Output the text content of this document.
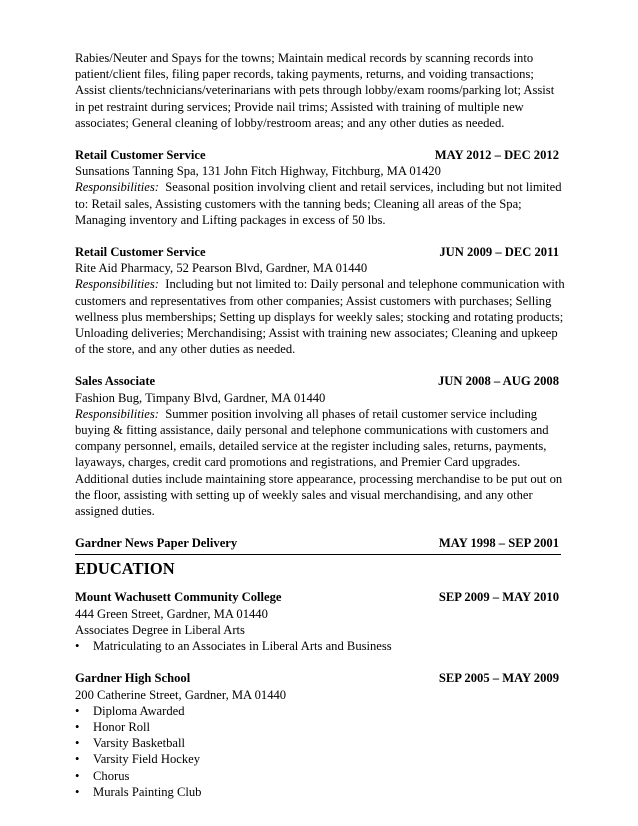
Rabies/Neuter and Spays for the towns; Maintain medical records by scanning records into

patient/client files, filing paper records, taking payments, returns, and voiding transactions;

Assist clients/technicians/veterinarians with pets through lobby/exam rooms/parking lot; Assist

in pet restraint during services; Provide nail trims; Assisted with training of multiple new

associates; General cleaning of lobby/restroom areas; and any other duties as needed.

Retail Customer Service	MAY 2012 – DEC 2012

Sunsations Tanning Spa, 131 John Fitch Highway, Fitchburg, MA 01420

Responsibilities:  Seasonal position involving client and retail services, including but not limited

to: Retail sales, Assisting customers with the tanning beds; Cleaning all areas of the Spa;

Managing inventory and Lifting packages in excess of 50 lbs.

Retail Customer Service	JUN 2009 – DEC 2011

Rite Aid Pharmacy, 52 Pearson Blvd, Gardner, MA 01440

Responsibilities:  Including but not limited to: Daily personal and telephone communication with

customers and representatives from other companies; Assist customers with purchases; Selling

wellness plus memberships; Setting up displays for weekly sales; stocking and rotating products;

Unloading deliveries; Merchandising; Assist with training new associates; Cleaning and upkeep

of the store, and any other duties as needed.

Sales Associate	JUN 2008 – AUG 2008

Fashion Bug, Timpany Blvd, Gardner, MA 01440

Responsibilities:  Summer position involving all phases of retail customer service including

buying & fitting assistance, daily personal and telephone communications with customers and

company personnel, emails, detailed service at the register including sales, returns, payments,

layaways, charges, credit card promotions and registrations, and Premier Card upgrades.

Additional duties include maintaining store appearance, processing merchandise to be put out on

the floor, assisting with setting up of weekly sales and visual merchandising, and any other

assigned duties.

Gardner News Paper Delivery	MAY 1998 – SEP 2001
EDUCATION
Mount Wachusett Community College	SEP 2009 – MAY 2010

444 Green Street, Gardner, MA 01440

Associates Degree in Liberal Arts

•	Matriculating to an Associates in Liberal Arts and Business
Gardner High School	SEP 2005 – MAY 2009

200 Catherine Street, Gardner, MA 01440

•	Diploma Awarded
•	Honor Roll
•	Varsity Basketball
•	Varsity Field Hockey
•	Chorus
•	Murals Painting Club
